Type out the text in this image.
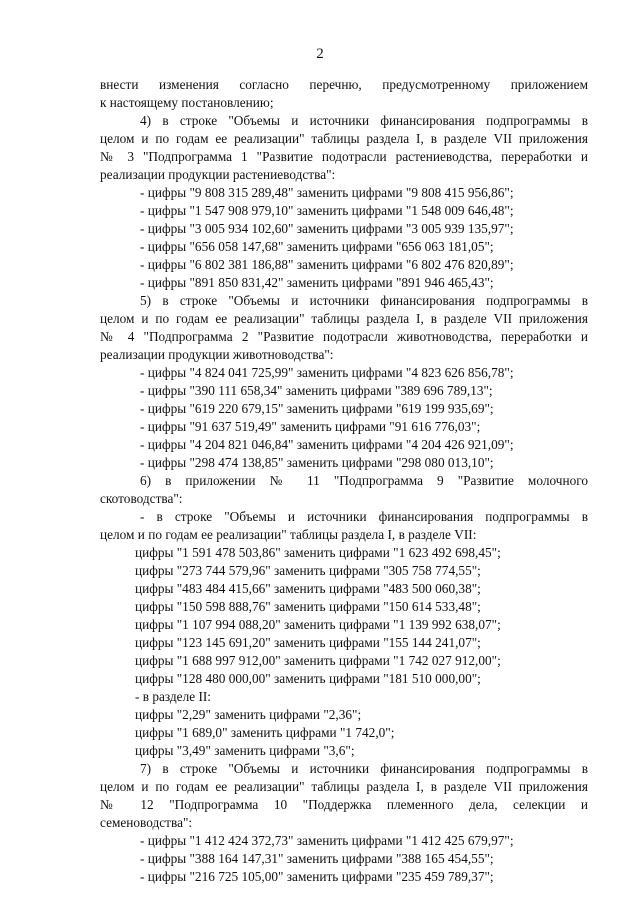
2
внести изменения согласно перечню, предусмотренному приложением
к настоящему постановлению;
4) в строке "Объемы и источники финансирования подпрограммы в
целом и по годам ее реализации" таблицы раздела I, в разделе VII приложения
№ 3 "Подпрограмма 1 "Развитие подотрасли растениеводства, переработки и
реализации продукции растениеводства":
- цифры "9 808 315 289,48" заменить цифрами "9 808 415 956,86";
- цифры "1 547 908 979,10" заменить цифрами "1 548 009 646,48";
- цифры "3 005 934 102,60" заменить цифрами "3 005 939 135,97";
- цифры "656 058 147,68" заменить цифрами "656 063 181,05";
- цифры "6 802 381 186,88" заменить цифрами "6 802 476 820,89";
- цифры "891 850 831,42" заменить цифрами "891 946 465,43";
5) в строке "Объемы и источники финансирования подпрограммы в
целом и по годам ее реализации" таблицы раздела I, в разделе VII приложения
№ 4 "Подпрограмма 2 "Развитие подотрасли животноводства, переработки и
реализации продукции животноводства":
- цифры "4 824 041 725,99" заменить цифрами "4 823 626 856,78";
- цифры "390 111 658,34" заменить цифрами "389 696 789,13";
- цифры "619 220 679,15" заменить цифрами "619 199 935,69";
- цифры "91 637 519,49" заменить цифрами "91 616 776,03";
- цифры "4 204 821 046,84" заменить цифрами "4 204 426 921,09";
- цифры "298 474 138,85" заменить цифрами "298 080 013,10";
6) в приложении № 11 "Подпрограмма 9 "Развитие молочного
скотоводства":
- в строке "Объемы и источники финансирования подпрограммы в
целом и по годам ее реализации" таблицы раздела I, в разделе VII:
цифры "1 591 478 503,86" заменить цифрами "1 623 492 698,45";
цифры "273 744 579,96" заменить цифрами "305 758 774,55";
цифры "483 484 415,66" заменить цифрами "483 500 060,38";
цифры "150 598 888,76" заменить цифрами "150 614 533,48";
цифры "1 107 994 088,20" заменить цифрами "1 139 992 638,07";
цифры "123 145 691,20" заменить цифрами "155 144 241,07";
цифры "1 688 997 912,00" заменить цифрами "1 742 027 912,00";
цифры "128 480 000,00" заменить цифрами "181 510 000,00";
- в разделе II:
цифры "2,29" заменить цифрами "2,36";
цифры "1 689,0" заменить цифрами "1 742,0";
цифры "3,49" заменить цифрами "3,6";
7) в строке "Объемы и источники финансирования подпрограммы в
целом и по годам ее реализации" таблицы раздела I, в разделе VII приложения
№ 12 "Подпрограмма 10 "Поддержка племенного дела, селекции и
семеноводства":
- цифры "1 412 424 372,73" заменить цифрами "1 412 425 679,97";
- цифры "388 164 147,31" заменить цифрами "388 165 454,55";
- цифры "216 725 105,00" заменить цифрами "235 459 789,37";
